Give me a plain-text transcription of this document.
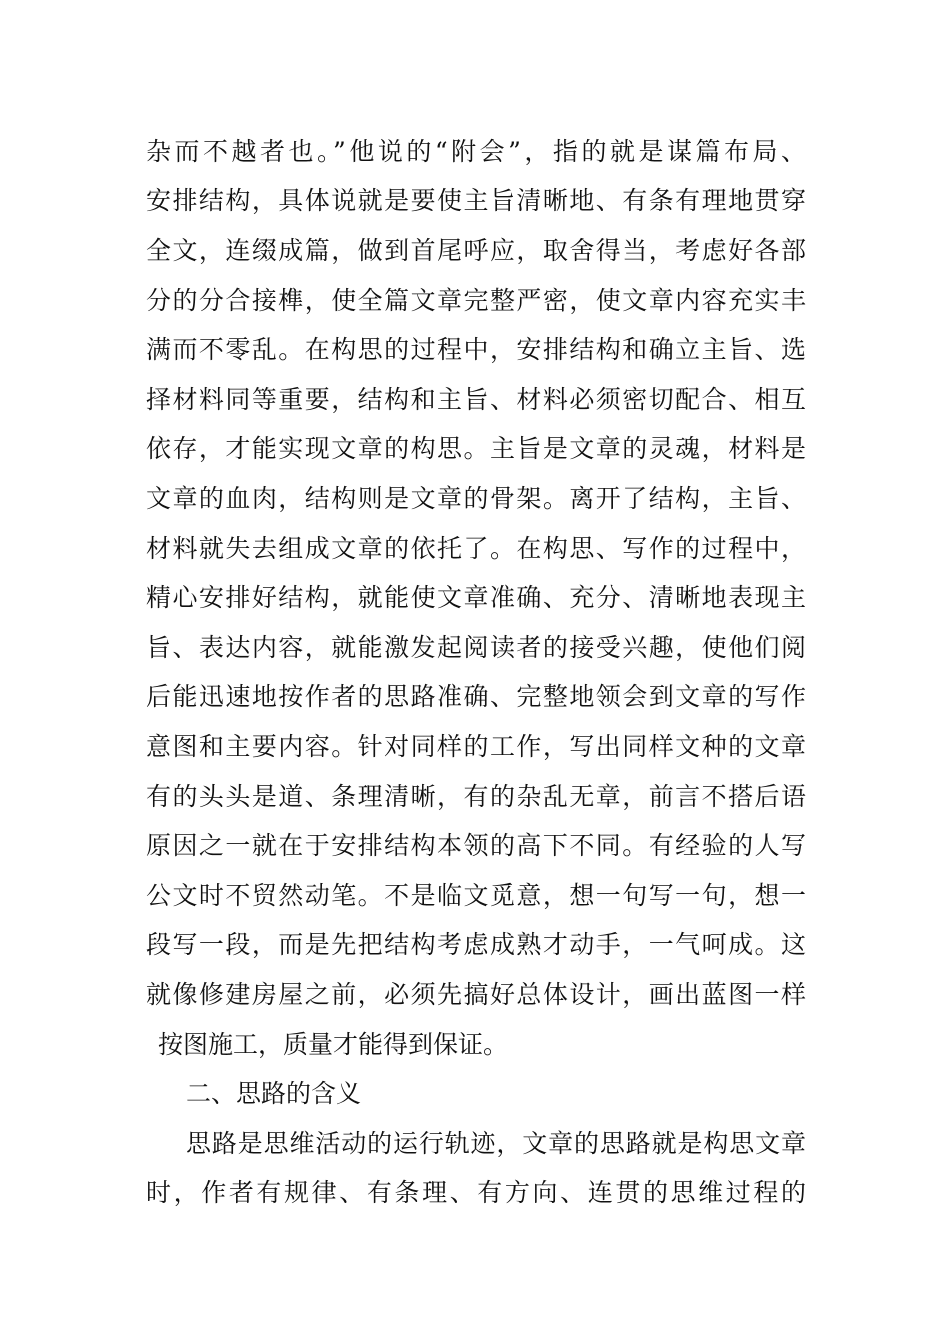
杂而不越者也。”他说的“附会”，指的就是谋篇布局、
安排结构，具体说就是要使主旨清晰地、有条有理地贯穿
全文，连缀成篇，做到首尾呼应，取舍得当，考虑好各部
分的分合接榫，使全篇文章完整严密，使文章内容充实丰
满而不零乱。在构思的过程中，安排结构和确立主旨、选
择材料同等重要，结构和主旨、材料必须密切配合、相互
依存，才能实现文章的构思。主旨是文章的灵魂，材料是
文章的血肉，结构则是文章的骨架。离开了结构，主旨、
材料就失去组成文章的依托了。在构思、写作的过程中，
精心安排好结构，就能使文章准确、充分、清晰地表现主
旨、表达内容，就能激发起阅读者的接受兴趣，使他们阅
后能迅速地按作者的思路准确、完整地领会到文章的写作
意图和主要内容。针对同样的工作，写出同样文种的文章
有的头头是道、条理清晰，有的杂乱无章，前言不搭后语
原因之一就在于安排结构本领的高下不同。有经验的人写
公文时不贸然动笔。不是临文觅意，想一句写一句，想一
段写一段，而是先把结构考虑成熟才动手，一气呵成。这
就像修建房屋之前，必须先搞好总体设计，画出蓝图一样
按图施工，质量才能得到保证。
二、思路的含义
思路是思维活动的运行轨迹，文章的思路就是构思文章
时，作者有规律、有条理、有方向、连贯的思维过程的
